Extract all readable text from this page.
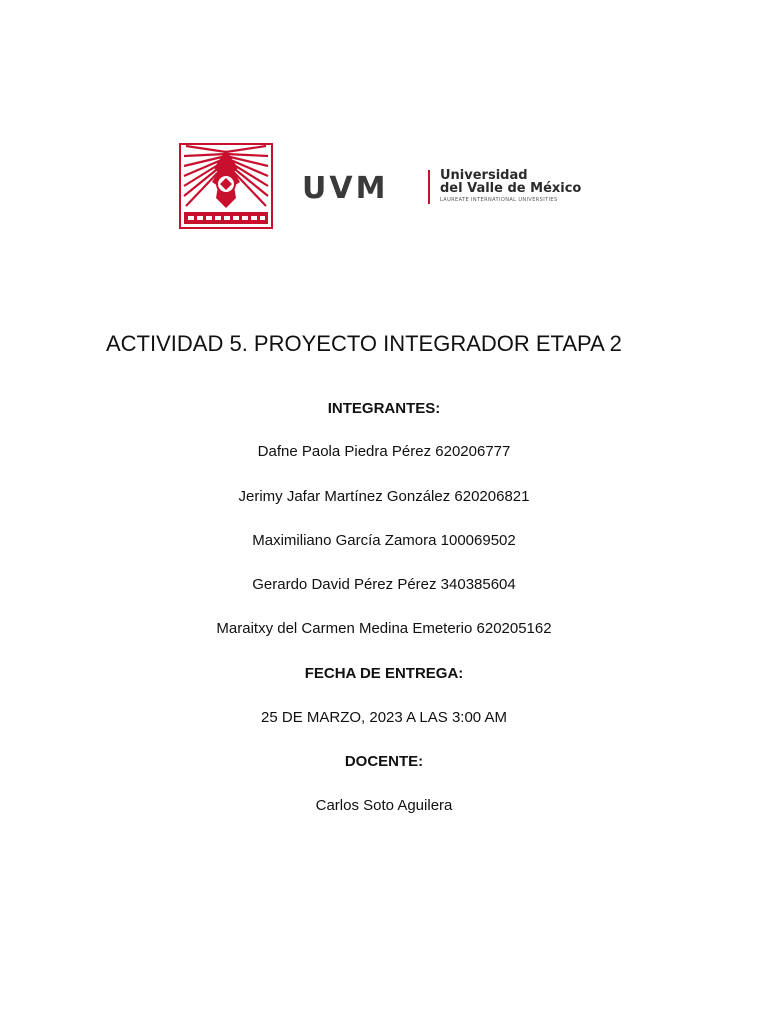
UVM	Universidad
del Valle de México
LAUREATE INTERNATIONAL UNIVERSITIES
ACTIVIDAD 5. PROYECTO INTEGRADOR ETAPA 2
INTEGRANTES:
Dafne Paola Piedra Pérez 620206777
Jerimy Jafar Martínez González 620206821
Maximiliano García Zamora 100069502
Gerardo David Pérez Pérez 340385604
Maraitxy del Carmen Medina Emeterio 620205162
FECHA DE ENTREGA:
25 DE MARZO, 2023 A LAS 3:00 AM
DOCENTE:
Carlos Soto Aguilera
